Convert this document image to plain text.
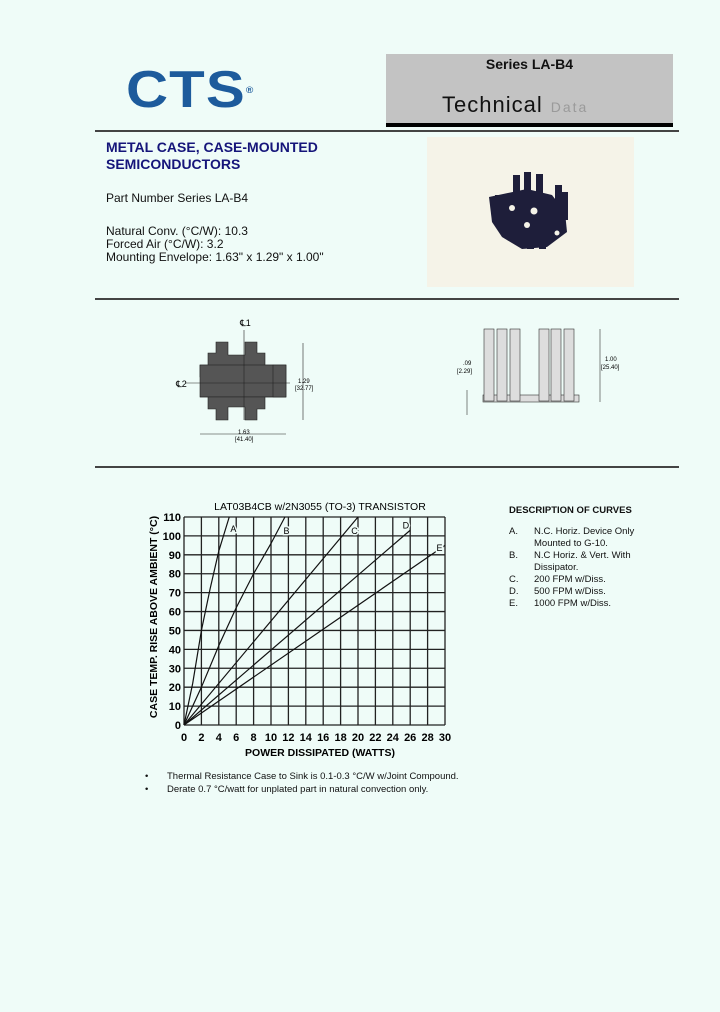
CTS®
Series LA-B4
Technical Data
METAL CASE, CASE-MOUNTED
SEMICONDUCTORS
Part Number Series LA-B4
Natural Conv. (°C/W): 10.3
Forced Air (°C/W): 3.2
Mounting Envelope: 1.63" x 1.29" x 1.00"
℄1
℄2	1.29
[32.77]
1.63
[41.40]
.09
[2.29]
1.00
[25.40]
LAT03B4CB w/2N3055 (TO-3) TRANSISTOR
POWER DISSIPATED (WATTS)
CASE TEMP. RISE ABOVE AMBIENT (°C)
0 2 4 6 8 10 12 14 16 18 20 22 24 26 28 30
0
10
20
30
40
50
60
70
80
90
100
110
A	B	C
D
E
DESCRIPTION OF CURVES
A.	N.C. Horiz. Device Only
Mounted to G-10.
B.	N.C Horiz. & Vert. With
Dissipator.
C.	200 FPM w/Diss.
D.	500 FPM w/Diss.
E.	1000 FPM w/Diss.
• Thermal Resistance Case to Sink is 0.1-0.3 °C/W w/Joint Compound.
• Derate 0.7 °C/watt for unplated part in natural convection only.
